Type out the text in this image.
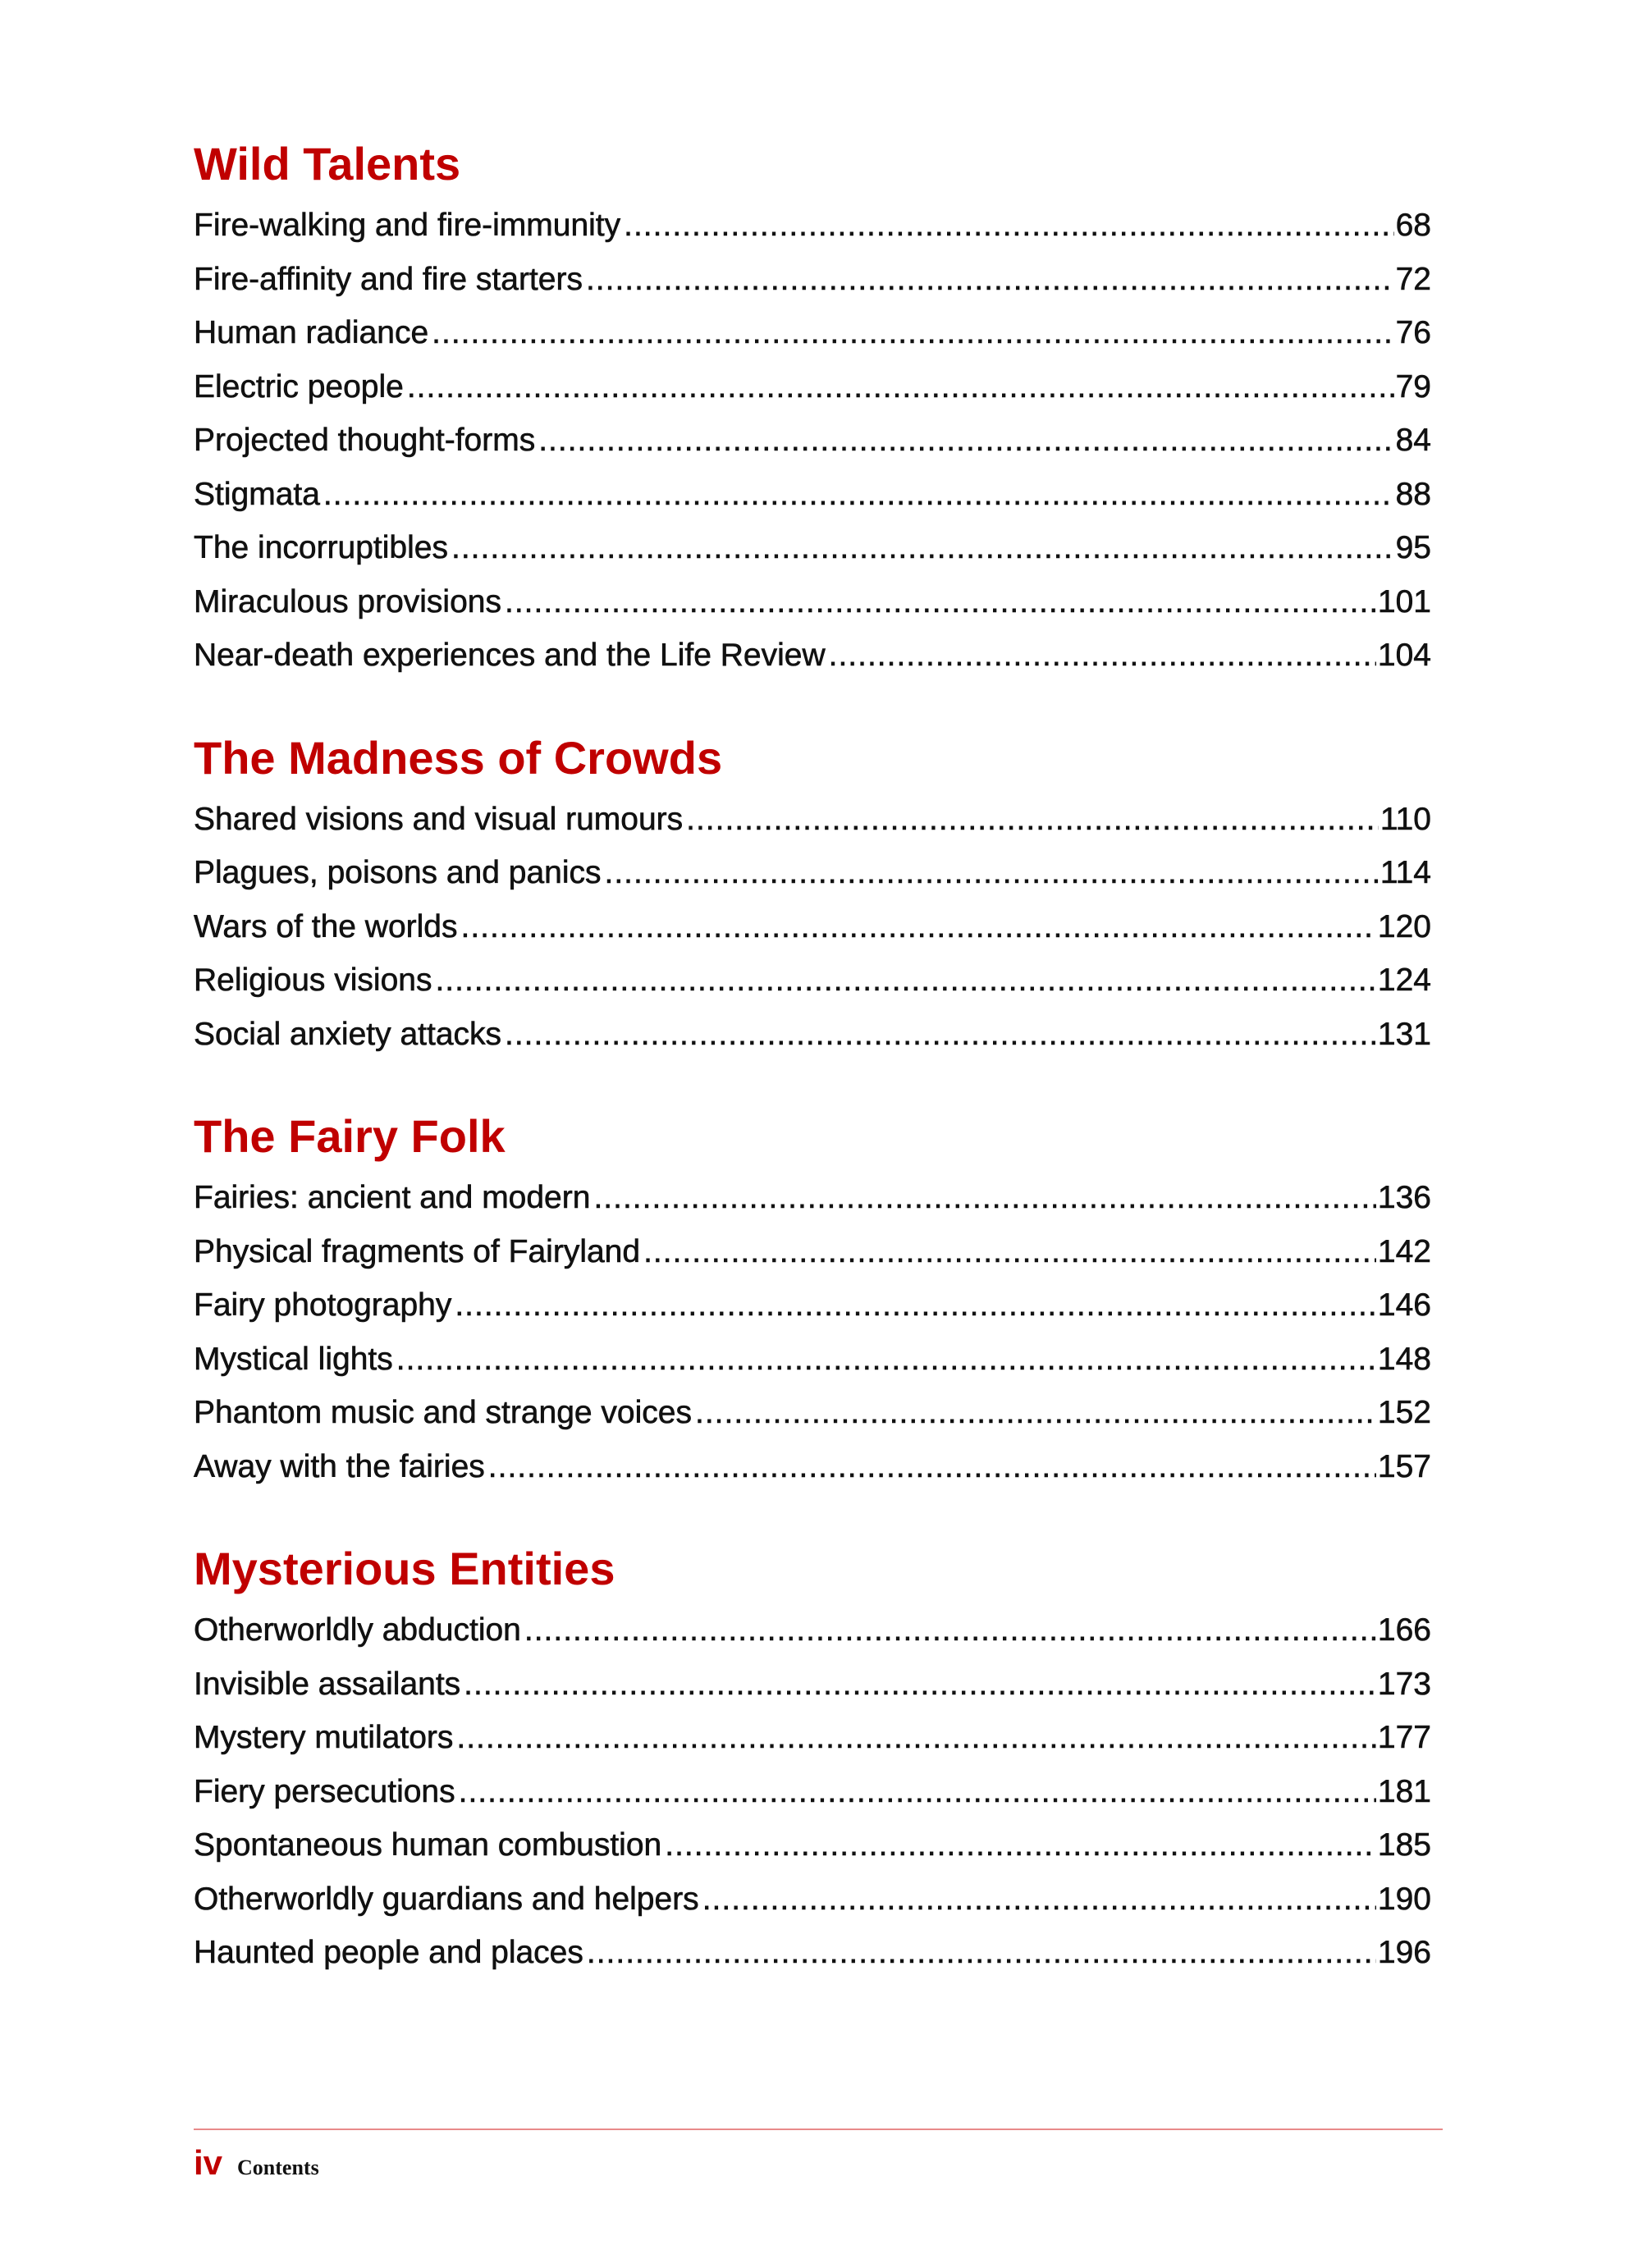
Wild Talents
Fire-walking and fire-immunity .....	68
Fire-affinity and fire starters .....	72
Human radiance .....	76
Electric people .....	79
Projected thought-forms .....	84
Stigmata .....	88
The incorruptibles .....	95
Miraculous provisions .....	101
Near-death experiences and the Life Review .....	104
The Madness of Crowds
Shared visions and visual rumours .....	110
Plagues, poisons and panics .....	114
Wars of the worlds .....	120
Religious visions .....	124
Social anxiety attacks .....	131
The Fairy Folk
Fairies: ancient and modern .....	136
Physical fragments of Fairyland .....	142
Fairy photography .....	146
Mystical lights .....	148
Phantom music and strange voices .....	152
Away with the fairies .....	157
Mysterious Entities
Otherworldly abduction .....	166
Invisible assailants .....	173
Mystery mutilators .....	177
Fiery persecutions .....	181
Spontaneous human combustion .....	185
Otherworldly guardians and helpers .....	190
Haunted people and places .....	196
iv Contents
